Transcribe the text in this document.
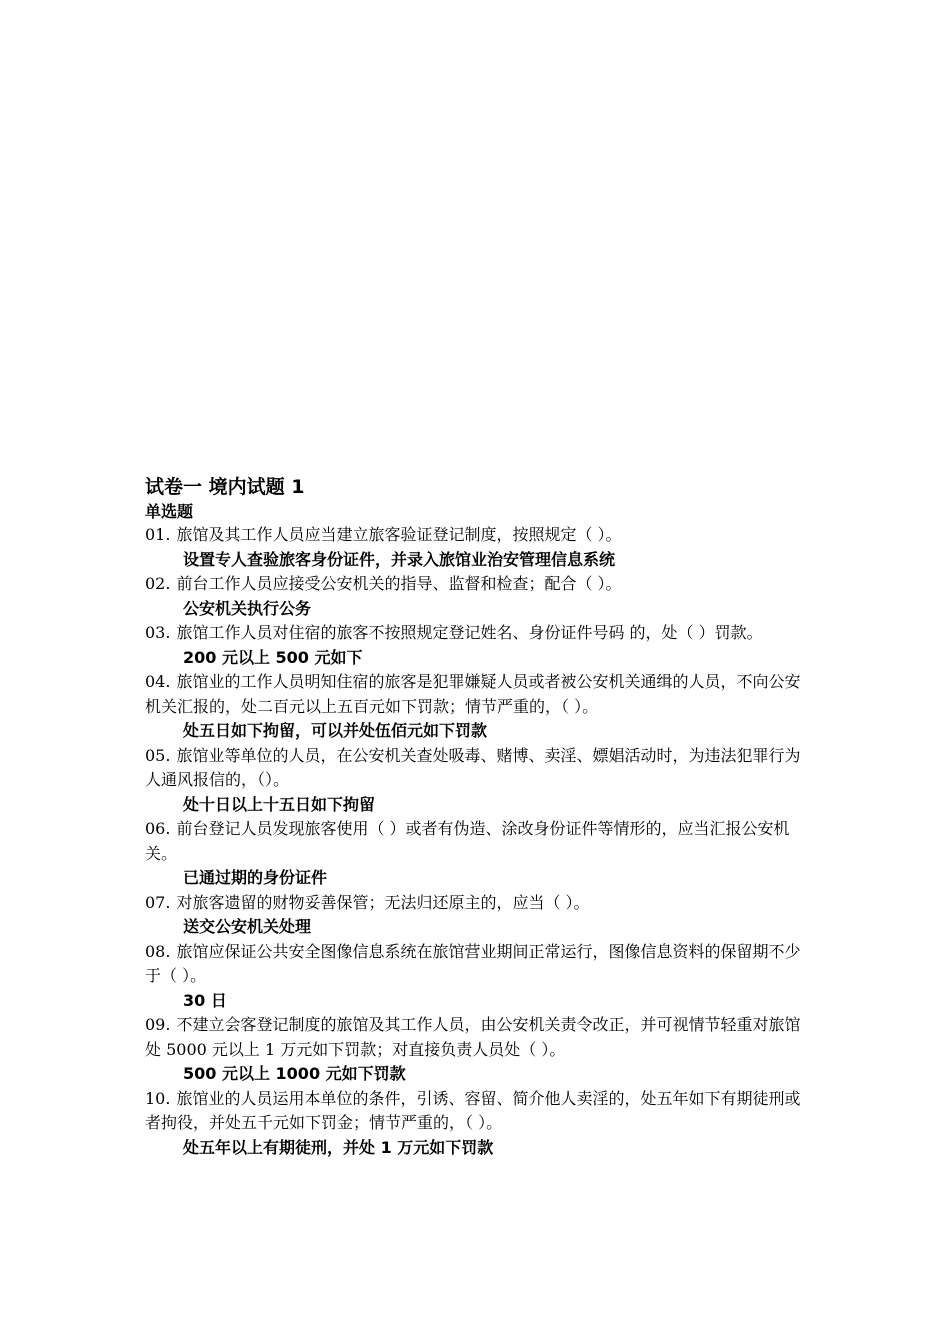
试卷一 境内试题 1

单选题

01. 旅馆及其工作人员应当建立旅客验证登记制度，按照规定（ ）。

设置专人查验旅客身份证件，并录入旅馆业治安管理信息系统

02. 前台工作人员应接受公安机关的指导、监督和检查；配合（ ）。

公安机关执行公务

03. 旅馆工作人员对住宿的旅客不按照规定登记姓名、身份证件号码 的，处（ ）罚款。

200 元以上 500 元如下

04. 旅馆业的工作人员明知住宿的旅客是犯罪嫌疑人员或者被公安机关通缉的人员，不向公安机关汇报的，处二百元以上五百元如下罚款；情节严重的，（ ）。

处五日如下拘留，可以并处伍佰元如下罚款

05. 旅馆业等单位的人员，在公安机关查处吸毒、赌博、卖淫、嫖娼活动时，为违法犯罪行为人通风报信的，（）。

处十日以上十五日如下拘留

06. 前台登记人员发现旅客使用（ ）或者有伪造、涂改身份证件等情形的，应当汇报公安机关。

已通过期的身份证件

07. 对旅客遗留的财物妥善保管；无法归还原主的，应当（ ）。

送交公安机关处理

08. 旅馆应保证公共安全图像信息系统在旅馆营业期间正常运行，图像信息资料的保留期不少于（ ）。

30 日

09. 不建立会客登记制度的旅馆及其工作人员，由公安机关责令改正，并可视情节轻重对旅馆处 5000 元以上 1 万元如下罚款；对直接负责人员处（ ）。

500 元以上 1000 元如下罚款

10. 旅馆业的人员运用本单位的条件，引诱、容留、简介他人卖淫的，处五年如下有期徒刑或者拘役，并处五千元如下罚金；情节严重的，（ ）。

处五年以上有期徒刑，并处 1 万元如下罚款
